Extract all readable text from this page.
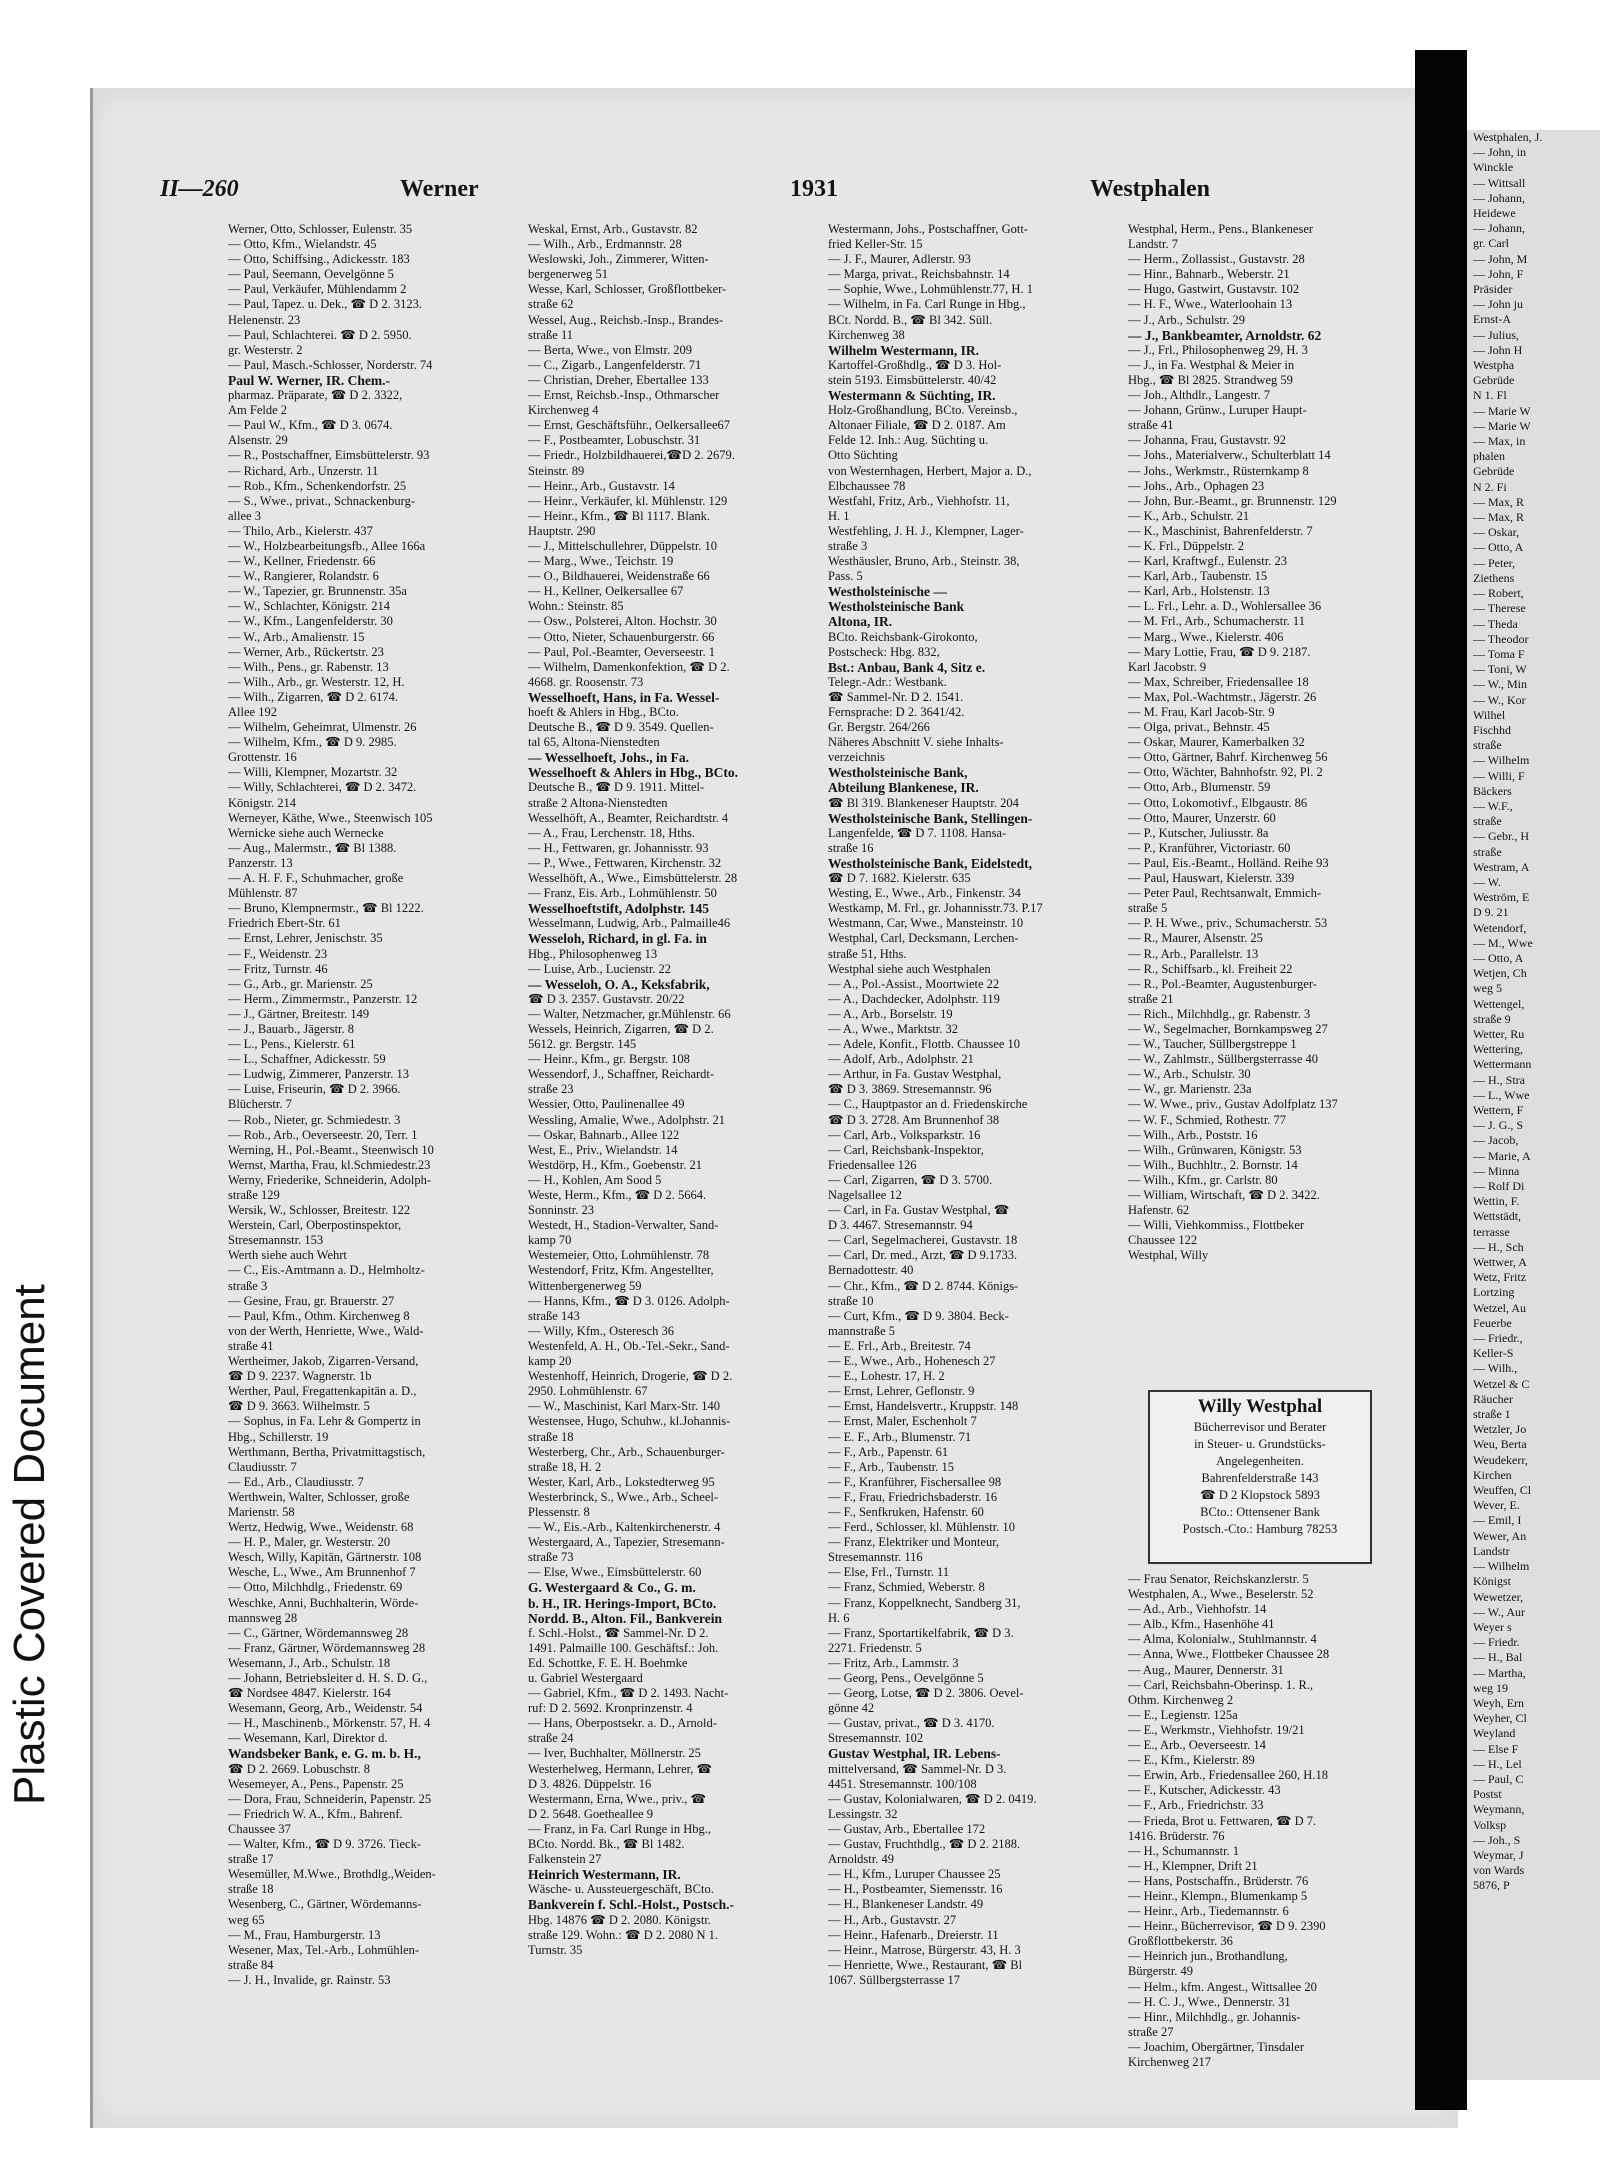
Plastic Covered Document
Westphalen, J.
— John, in
Winckle
— Wittsall
— Johann,
Heidewe
— Johann,
gr. Carl
— John, M
— John, F
Präsider
— John ju
Ernst-A
— Julius,
— John H
Westpha
Gebrüde
N 1. Fl
— Marie W
— Marie W
— Max, in
phalen
Gebrüde
N 2. Fi
— Max, R
— Max, R
— Oskar,
— Otto, A
— Peter,
Ziethens
— Robert,
— Therese
— Theda
— Theodor
— Toma F
— Toni, W
— W., Min
— W., Kor
Wilhel
Fischhd
straße
— Wilhelm
— Willi, F
Bäckers
— W.F.,
straße
— Gebr., H
straße
Westram, A
— W.
Weström, E
D 9. 21
Wetendorf,
— M., Wwe
— Otto, A
Wetjen, Ch
weg 5
Wettengel,
straße 9
Wetter, Ru
Wettering,
Wettermann
— H., Stra
— L., Wwe
Wettern, F
— J. G., S
— Jacob,
— Marie, A
— Minna
— Rolf Di
Wettin, F.
Wettstädt,
terrasse
— H., Sch
Wettwer, A
Wetz, Fritz
Lortzing
Wetzel, Au
Feuerbe
— Friedr.,
Keller-S
— Wilh.,
Wetzel & C
Räucher
straße 1
Wetzler, Jo
Weu, Berta
Weudekerr,
Kirchen
Weuffen, Cl
Wever, E.
— Emil, I
Wewer, An
Landstr
— Wilhelm
Königst
Wewetzer,
— W., Aur
Weyer s
— Friedr.
— H., Bal
— Martha,
weg 19
Weyh, Ern
Weyher, Cl
Weyland
— Else F
— H., Lel
— Paul, C
Postst
Weymann,
Volksp
— Joh., S
Weymar, J
von Wards
5876, P
II—260	Werner	1931	Westphalen
Werner, Otto, Schlosser, Eulenstr. 35
— Otto, Kfm., Wielandstr. 45
— Otto, Schiffsing., Adickesstr. 183
— Paul, Seemann, Oevelgönne 5
— Paul, Verkäufer, Mühlendamm 2
— Paul, Tapez. u. Dek., ☎ D 2. 3123.
Helenenstr. 23
— Paul, Schlachterei. ☎ D 2. 5950.
gr. Westerstr. 2
— Paul, Masch.-Schlosser, Norderstr. 74
Paul W. Werner, IR. Chem.-
pharmaz. Präparate, ☎ D 2. 3322,
Am Felde 2
— Paul W., Kfm., ☎ D 3. 0674.
Alsenstr. 29
— R., Postschaffner, Eimsbüttelerstr. 93
— Richard, Arb., Unzerstr. 11
— Rob., Kfm., Schenkendorfstr. 25
— S., Wwe., privat., Schnackenburg-
allee 3
— Thilo, Arb., Kielerstr. 437
— W., Holzbearbeitungsfb., Allee 166a
— W., Kellner, Friedenstr. 66
— W., Rangierer, Rolandstr. 6
— W., Tapezier, gr. Brunnenstr. 35a
— W., Schlachter, Königstr. 214
— W., Kfm., Langenfelderstr. 30
— W., Arb., Amalienstr. 15
— Werner, Arb., Rückertstr. 23
— Wilh., Pens., gr. Rabenstr. 13
— Wilh., Arb., gr. Westerstr. 12, H.
— Wilh., Zigarren, ☎ D 2. 6174.
Allee 192
— Wilhelm, Geheimrat, Ulmenstr. 26
— Wilhelm, Kfm., ☎ D 9. 2985.
Grottenstr. 16
— Willi, Klempner, Mozartstr. 32
— Willy, Schlachterei, ☎ D 2. 3472.
Königstr. 214
Werneyer, Käthe, Wwe., Steenwisch 105
Wernicke siehe auch Wernecke
— Aug., Malermstr., ☎ Bl 1388.
Panzerstr. 13
— A. H. F. F., Schuhmacher, große
Mühlenstr. 87
— Bruno, Klempnermstr., ☎ Bl 1222.
Friedrich Ebert-Str. 61
— Ernst, Lehrer, Jenischstr. 35
— F., Weidenstr. 23
— Fritz, Turnstr. 46
— G., Arb., gr. Marienstr. 25
— Herm., Zimmermstr., Panzerstr. 12
— J., Gärtner, Breitestr. 149
— J., Bauarb., Jägerstr. 8
— L., Pens., Kielerstr. 61
— L., Schaffner, Adickesstr. 59
— Ludwig, Zimmerer, Panzerstr. 13
— Luise, Friseurin, ☎ D 2. 3966.
Blücherstr. 7
— Rob., Nieter, gr. Schmiedestr. 3
— Rob., Arb., Oeverseestr. 20, Terr. 1
Werning, H., Pol.-Beamt., Steenwisch 10
Wernst, Martha, Frau, kl.Schmiedestr.23
Werny, Friederike, Schneiderin, Adolph-
straße 129
Wersik, W., Schlosser, Breitestr. 122
Werstein, Carl, Oberpostinspektor,
Stresemannstr. 153
Werth siehe auch Wehrt
— C., Eis.-Amtmann a. D., Helmholtz-
straße 3
— Gesine, Frau, gr. Brauerstr. 27
— Paul, Kfm., Othm. Kirchenweg 8
von der Werth, Henriette, Wwe., Wald-
straße 41
Wertheimer, Jakob, Zigarren-Versand,
☎ D 9. 2237. Wagnerstr. 1b
Werther, Paul, Fregattenkapitän a. D.,
☎ D 9. 3663. Wilhelmstr. 5
— Sophus, in Fa. Lehr & Gompertz in
Hbg., Schillerstr. 19
Werthmann, Bertha, Privatmittagstisch,
Claudiusstr. 7
— Ed., Arb., Claudiusstr. 7
Werthwein, Walter, Schlosser, große
Marienstr. 58
Wertz, Hedwig, Wwe., Weidenstr. 68
— H. P., Maler, gr. Westerstr. 20
Wesch, Willy, Kapitän, Gärtnerstr. 108
Wesche, L., Wwe., Am Brunnenhof 7
— Otto, Milchhdlg., Friedenstr. 69
Weschke, Anni, Buchhalterin, Wörde-
mannsweg 28
— C., Gärtner, Wördemannsweg 28
— Franz, Gärtner, Wördemannsweg 28
Wesemann, J., Arb., Schulstr. 18
— Johann, Betriebsleiter d. H. S. D. G.,
☎ Nordsee 4847. Kielerstr. 164
Wesemann, Georg, Arb., Weidenstr. 54
— H., Maschinenb., Mörkenstr. 57, H. 4
— Wesemann, Karl, Direktor d.
Wandsbeker Bank, e. G. m. b. H.,
☎ D 2. 2669. Lobuschstr. 8
Wesemeyer, A., Pens., Papenstr. 25
— Dora, Frau, Schneiderin, Papenstr. 25
— Friedrich W. A., Kfm., Bahrenf.
Chaussee 37
— Walter, Kfm., ☎ D 9. 3726. Tieck-
straße 17
Wesemüller, M.Wwe., Brothdlg.,Weiden-
straße 18
Wesenberg, C., Gärtner, Wördemanns-
weg 65
— M., Frau, Hamburgerstr. 13
Wesener, Max, Tel.-Arb., Lohmühlen-
straße 84
— J. H., Invalide, gr. Rainstr. 53
Weskal, Ernst, Arb., Gustavstr. 82
— Wilh., Arb., Erdmannstr. 28
Weslowski, Joh., Zimmerer, Witten-
bergenerweg 51
Wesse, Karl, Schlosser, Großflottbeker-
straße 62
Wessel, Aug., Reichsb.-Insp., Brandes-
straße 11
— Berta, Wwe., von Elmstr. 209
— C., Zigarb., Langenfelderstr. 71
— Christian, Dreher, Ebertallee 133
— Ernst, Reichsb.-Insp., Othmarscher
Kirchenweg 4
— Ernst, Geschäftsführ., Oelkersallee67
— F., Postbeamter, Lobuschstr. 31
— Friedr., Holzbildhauerei,☎D 2. 2679.
Steinstr. 89
— Heinr., Arb., Gustavstr. 14
— Heinr., Verkäufer, kl. Mühlenstr. 129
— Heinr., Kfm., ☎ Bl 1117. Blank.
Hauptstr. 290
— J., Mittelschullehrer, Düppelstr. 10
— Marg., Wwe., Teichstr. 19
— O., Bildhauerei, Weidenstraße 66
— H., Kellner, Oelkersallee 67
Wohn.: Steinstr. 85
— Osw., Polsterei, Alton. Hochstr. 30
— Otto, Nieter, Schauenburgerstr. 66
— Paul, Pol.-Beamter, Oeverseestr. 1
— Wilhelm, Damenkonfektion, ☎ D 2.
4668. gr. Roosenstr. 73
Wesselhoeft, Hans, in Fa. Wessel-
hoeft & Ahlers in Hbg., BCto.
Deutsche B., ☎ D 9. 3549. Quellen-
tal 65, Altona-Nienstedten
— Wesselhoeft, Johs., in Fa.
Wesselhoeft & Ahlers in Hbg., BCto.
Deutsche B., ☎ D 9. 1911. Mittel-
straße 2 Altona-Nienstedten
Wesselhöft, A., Beamter, Reichardtstr. 4
— A., Frau, Lerchenstr. 18, Hths.
— H., Fettwaren, gr. Johannisstr. 93
— P., Wwe., Fettwaren, Kirchenstr. 32
Wesselhöft, A., Wwe., Eimsbüttelerstr. 28
— Franz, Eis. Arb., Lohmühlenstr. 50
Wesselhoeftstift, Adolphstr. 145
Wesselmann, Ludwig, Arb., Palmaille46
Wesseloh, Richard, in gl. Fa. in
Hbg., Philosophenweg 13
— Luise, Arb., Lucienstr. 22
— Wesseloh, O. A., Keksfabrik,
☎ D 3. 2357. Gustavstr. 20/22
— Walter, Netzmacher, gr.Mühlenstr. 66
Wessels, Heinrich, Zigarren, ☎ D 2.
5612. gr. Bergstr. 145
— Heinr., Kfm., gr. Bergstr. 108
Wessendorf, J., Schaffner, Reichardt-
straße 23
Wessier, Otto, Paulinenallee 49
Wessling, Amalie, Wwe., Adolphstr. 21
— Oskar, Bahnarb., Allee 122
West, E., Priv., Wielandstr. 14
Westdörp, H., Kfm., Goebenstr. 21
— H., Kohlen, Am Sood 5
Weste, Herm., Kfm., ☎ D 2. 5664.
Sonninstr. 23
Westedt, H., Stadion-Verwalter, Sand-
kamp 70
Westemeier, Otto, Lohmühlenstr. 78
Westendorf, Fritz, Kfm. Angestellter,
Wittenbergenerweg 59
— Hanns, Kfm., ☎ D 3. 0126. Adolph-
straße 143
— Willy, Kfm., Osteresch 36
Westenfeld, A. H., Ob.-Tel.-Sekr., Sand-
kamp 20
Westenhoff, Heinrich, Drogerie, ☎ D 2.
2950. Lohmühlenstr. 67
— W., Maschinist, Karl Marx-Str. 140
Westensee, Hugo, Schuhw., kl.Johannis-
straße 18
Westerberg, Chr., Arb., Schauenburger-
straße 18, H. 2
Wester, Karl, Arb., Lokstedterweg 95
Westerbrinck, S., Wwe., Arb., Scheel-
Plessenstr. 8
— W., Eis.-Arb., Kaltenkirchenerstr. 4
Westergaard, A., Tapezier, Stresemann-
straße 73
— Else, Wwe., Eimsbüttelerstr. 60
G. Westergaard & Co., G. m.
b. H., IR. Herings-Import, BCto.
Nordd. B., Alton. Fil., Bankverein
f. Schl.-Holst., ☎ Sammel-Nr. D 2.
1491. Palmaille 100. Geschäftsf.: Joh.
Ed. Schottke, F. E. H. Boehmke
u. Gabriel Westergaard
— Gabriel, Kfm., ☎ D 2. 1493. Nacht-
ruf: D 2. 5692. Kronprinzenstr. 4
— Hans, Oberpostsekr. a. D., Arnold-
straße 24
— Iver, Buchhalter, Möllnerstr. 25
Westerhelweg, Hermann, Lehrer, ☎
D 3. 4826. Düppelstr. 16
Westermann, Erna, Wwe., priv., ☎
D 2. 5648. Goetheallee 9
— Franz, in Fa. Carl Runge in Hbg.,
BCto. Nordd. Bk., ☎ Bl 1482.
Falkenstein 27
Heinrich Westermann, IR.
Wäsche- u. Aussteuergeschäft, BCto.
Bankverein f. Schl.-Holst., Postsch.-
Hbg. 14876 ☎ D 2. 2080. Königstr.
straße 129. Wohn.: ☎ D 2. 2080 N 1.
Turnstr. 35
Westermann, Johs., Postschaffner, Gott-
fried Keller-Str. 15
— J. F., Maurer, Adlerstr. 93
— Marga, privat., Reichsbahnstr. 14
— Sophie, Wwe., Lohmühlenstr.77, H. 1
— Wilhelm, in Fa. Carl Runge in Hbg.,
BCt. Nordd. B., ☎ Bl 342. Süll.
Kirchenweg 38
Wilhelm Westermann, IR.
Kartoffel-Großhdlg., ☎ D 3. Hol-
stein 5193. Eimsbüttelerstr. 40/42
Westermann & Süchting, IR.
Holz-Großhandlung, BCto. Vereinsb.,
Altonaer Filiale, ☎ D 2. 0187. Am
Felde 12. Inh.: Aug. Süchting u.
Otto Süchting
von Westernhagen, Herbert, Major a. D.,
Elbchaussee 78
Westfahl, Fritz, Arb., Viehhofstr. 11,
H. 1
Westfehling, J. H. J., Klempner, Lager-
straße 3
Westhäusler, Bruno, Arb., Steinstr. 38,
Pass. 5
Westholsteinische —
Westholsteinische Bank
Altona, IR.
BCto. Reichsbank-Girokonto,
Postscheck: Hbg. 832,
Bst.: Anbau, Bank 4, Sitz e.
Telegr.-Adr.: Westbank.
☎ Sammel-Nr. D 2. 1541.
Fernsprache: D 2. 3641/42.
Gr. Bergstr. 264/266
Näheres Abschnitt V. siehe Inhalts-
verzeichnis
Westholsteinische Bank,
Abteilung Blankenese, IR.
☎ Bl 319. Blankeneser Hauptstr. 204
Westholsteinische Bank, Stellingen-
Langenfelde, ☎ D 7. 1108. Hansa-
straße 16
Westholsteinische Bank, Eidelstedt,
☎ D 7. 1682. Kielerstr. 635
Westing, E., Wwe., Arb., Finkenstr. 34
Westkamp, M. Frl., gr. Johannisstr.73. P.17
Westmann, Car, Wwe., Mansteinstr. 10
Westphal, Carl, Decksmann, Lerchen-
straße 51, Hths.
Westphal siehe auch Westphalen
— A., Pol.-Assist., Moortwiete 22
— A., Dachdecker, Adolphstr. 119
— A., Arb., Borselstr. 19
— A., Wwe., Marktstr. 32
— Adele, Konfit., Flottb. Chaussee 10
— Adolf, Arb., Adolphstr. 21
— Arthur, in Fa. Gustav Westphal,
☎ D 3. 3869. Stresemannstr. 96
— C., Hauptpastor an d. Friedenskirche
☎ D 3. 2728. Am Brunnenhof 38
— Carl, Arb., Volksparkstr. 16
— Carl, Reichsbank-Inspektor,
Friedensallee 126
— Carl, Zigarren, ☎ D 3. 5700.
Nagelsallee 12
— Carl, in Fa. Gustav Westphal, ☎
D 3. 4467. Stresemannstr. 94
— Carl, Segelmacherei, Gustavstr. 18
— Carl, Dr. med., Arzt, ☎ D 9.1733.
Bernadottestr. 40
— Chr., Kfm., ☎ D 2. 8744. Königs-
straße 10
— Curt, Kfm., ☎ D 9. 3804. Beck-
mannstraße 5
— E. Frl., Arb., Breitestr. 74
— E., Wwe., Arb., Hohenesch 27
— E., Lohestr. 17, H. 2
— Ernst, Lehrer, Geflonstr. 9
— Ernst, Handelsvertr., Kruppstr. 148
— Ernst, Maler, Eschenholt 7
— E. F., Arb., Blumenstr. 71
— F., Arb., Papenstr. 61
— F., Arb., Taubenstr. 15
— F., Kranführer, Fischersallee 98
— F., Frau, Friedrichsbaderstr. 16
— F., Senfkruken, Hafenstr. 60
— Ferd., Schlosser, kl. Mühlenstr. 10
— Franz, Elektriker und Monteur,
Stresemannstr. 116
— Else, Frl., Turnstr. 11
— Franz, Schmied, Weberstr. 8
— Franz, Koppelknecht, Sandberg 31,
H. 6
— Franz, Sportartikelfabrik, ☎ D 3.
2271. Friedenstr. 5
— Fritz, Arb., Lammstr. 3
— Georg, Pens., Oevelgönne 5
— Georg, Lotse, ☎ D 2. 3806. Oevel-
gönne 42
— Gustav, privat., ☎ D 3. 4170.
Stresemannstr. 102
Gustav Westphal, IR. Lebens-
mittelversand, ☎ Sammel-Nr. D 3.
4451. Stresemannstr. 100/108
— Gustav, Kolonialwaren, ☎ D 2. 0419.
Lessingstr. 32
— Gustav, Arb., Ebertallee 172
— Gustav, Fruchthdlg., ☎ D 2. 2188.
Arnoldstr. 49
— H., Kfm., Luruper Chaussee 25
— H., Postbeamter, Siemensstr. 16
— H., Blankeneser Landstr. 49
— H., Arb., Gustavstr. 27
— Heinr., Hafenarb., Dreierstr. 11
— Heinr., Matrose, Bürgerstr. 43, H. 3
— Henriette, Wwe., Restaurant, ☎ Bl
1067. Süllbergsterrasse 17
Westphal, Herm., Pens., Blankeneser
Landstr. 7
— Herm., Zollassist., Gustavstr. 28
— Hinr., Bahnarb., Weberstr. 21
— Hugo, Gastwirt, Gustavstr. 102
— H. F., Wwe., Waterloohain 13
— J., Arb., Schulstr. 29
— J., Bankbeamter, Arnoldstr. 62
— J., Frl., Philosophenweg 29, H. 3
— J., in Fa. Westphal & Meier in
Hbg., ☎ Bl 2825. Strandweg 59
— Joh., Althdlr., Langestr. 7
— Johann, Grünw., Luruper Haupt-
straße 41
— Johanna, Frau, Gustavstr. 92
— Johs., Materialverw., Schulterblatt 14
— Johs., Werkmstr., Rüsternkamp 8
— Johs., Arb., Ophagen 23
— John, Bur.-Beamt., gr. Brunnenstr. 129
— K., Arb., Schulstr. 21
— K., Maschinist, Bahrenfelderstr. 7
— K. Frl., Düppelstr. 2
— Karl, Kraftwgf., Eulenstr. 23
— Karl, Arb., Taubenstr. 15
— Karl, Arb., Holstenstr. 13
— L. Frl., Lehr. a. D., Wohlersallee 36
— M. Frl., Arb., Schumacherstr. 11
— Marg., Wwe., Kielerstr. 406
— Mary Lottie, Frau, ☎ D 9. 2187.
Karl Jacobstr. 9
— Max, Schreiber, Friedensallee 18
— Max, Pol.-Wachtmstr., Jägerstr. 26
— M. Frau, Karl Jacob-Str. 9
— Olga, privat., Behnstr. 45
— Oskar, Maurer, Kamerbalken 32
— Otto, Gärtner, Bahrf. Kirchenweg 56
— Otto, Wächter, Bahnhofstr. 92, Pl. 2
— Otto, Arb., Blumenstr. 59
— Otto, Lokomotivf., Elbgaustr. 86
— Otto, Maurer, Unzerstr. 60
— P., Kutscher, Juliusstr. 8a
— P., Kranführer, Victoriastr. 60
— Paul, Eis.-Beamt., Holländ. Reihe 93
— Paul, Hauswart, Kielerstr. 339
— Peter Paul, Rechtsanwalt, Emmich-
straße 5
— P. H. Wwe., priv., Schumacherstr. 53
— R., Maurer, Alsenstr. 25
— R., Arb., Parallelstr. 13
— R., Schiffsarb., kl. Freiheit 22
— R., Pol.-Beamter, Augustenburger-
straße 21
— Rich., Milchhdlg., gr. Rabenstr. 3
— W., Segelmacher, Bornkampsweg 27
— W., Taucher, Süllbergstreppe 1
— W., Zahlmstr., Süllbergsterrasse 40
— W., Arb., Schulstr. 30
— W., gr. Marienstr. 23a
— W. Wwe., priv., Gustav Adolfplatz 137
— W. F., Schmied, Rothestr. 77
— Wilh., Arb., Poststr. 16
— Wilh., Grünwaren, Königstr. 53
— Wilh., Buchhltr., 2. Bornstr. 14
— Wilh., Kfm., gr. Carlstr. 80
— William, Wirtschaft, ☎ D 2. 3422.
Hafenstr. 62
— Willi, Viehkommiss., Flottbeker
Chaussee 122
Westphal, Willy
Willy Westphal
Bücherrevisor und Berater
in Steuer- u. Grundstücks-
Angelegenheiten.
Bahrenfelderstraße 143
☎ D 2 Klopstock 5893
BCto.: Ottensener Bank
Postsch.-Cto.: Hamburg 78253
— Frau Senator, Reichskanzlerstr. 5
Westphalen, A., Wwe., Beselerstr. 52
— Ad., Arb., Viehhofstr. 14
— Alb., Kfm., Hasenhöhe 41
— Alma, Kolonialw., Stuhlmannstr. 4
— Anna, Wwe., Flottbeker Chaussee 28
— Aug., Maurer, Dennerstr. 31
— Carl, Reichsbahn-Oberinsp. 1. R.,
Othm. Kirchenweg 2
— E., Legienstr. 125a
— E., Werkmstr., Viehhofstr. 19/21
— E., Arb., Oeverseestr. 14
— E., Kfm., Kielerstr. 89
— Erwin, Arb., Friedensallee 260, H.18
— F., Kutscher, Adickesstr. 43
— F., Arb., Friedrichstr. 33
— Frieda, Brot u. Fettwaren, ☎ D 7.
1416. Brüderstr. 76
— H., Schumannstr. 1
— H., Klempner, Drift 21
— Hans, Postschaffn., Brüderstr. 76
— Heinr., Klempn., Blumenkamp 5
— Heinr., Arb., Tiedemannstr. 6
— Heinr., Bücherrevisor, ☎ D 9. 2390
Großflottbekerstr. 36
— Heinrich jun., Brothandlung,
Bürgerstr. 49
— Helm., kfm. Angest., Wittsallee 20
— H. C. J., Wwe., Dennerstr. 31
— Hinr., Milchhdlg., gr. Johannis-
straße 27
— Joachim, Obergärtner, Tinsdaler
Kirchenweg 217
